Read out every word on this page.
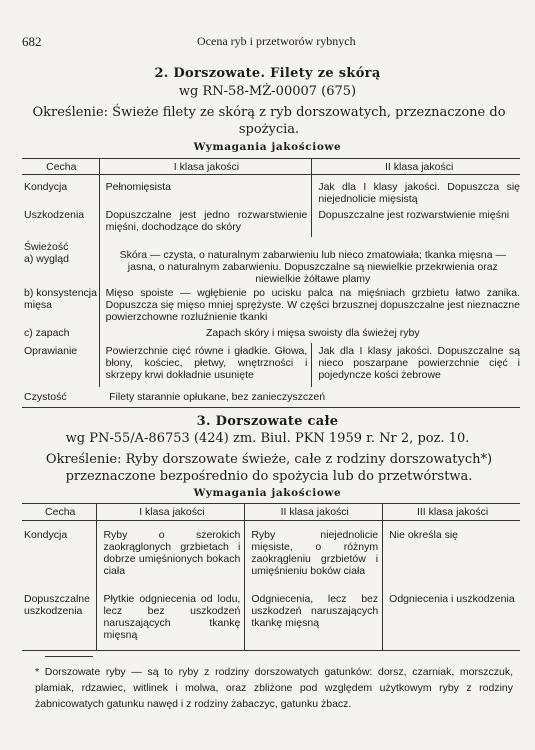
682	Ocena ryb i przetworów rybnych
2. Dorszowate. Filety ze skórą
wg RN-58-MŻ-00007 (675)
Określenie: Świeże filety ze skórą z ryb dorszowatych, przeznaczone do spożycia.
Wymagania jakościowe
Cecha	I klasa jakości	II klasa jakości
Kondycja	Pełnomięsista	Jak dla I klasy jakości. Dopuszcza się niejednolicie mięsistą
Uszkodzenia	Dopuszczalne jest jedno rozwarstwienie mięśni, dochodzące do skóry	Dopuszczalne jest rozwarstwienie mięśni
Świeżość
a) wygląd	Skóra — czysta, o naturalnym zabarwieniu lub nieco zmatowiała; tkanka mięsna — jasna, o naturalnym zabarwieniu. Dopuszczalne są niewielkie przekrwienia oraz niewielkie żółtawe plamy	
b) konsystencja mięsa	Mięso spoiste — wgłębienie po ucisku palca na mięśniach grzbietu łatwo zanika. Dopuszcza się mięso mniej sprężyste. W części brzusznej dopuszczalne jest nieznaczne powierzchowne rozluźnienie tkanki	
c) zapach	Zapach skóry i mięsa swoisty dla świeżej ryby	
Oprawianie	Powierzchnie cięć równe i gładkie. Głowa, błony, kościec, płetwy, wnętrzności i skrzepy krwi dokładnie usunięte	Jak dla I klasy jakości. Dopuszczalne są nieco poszarpane powierzchnie cięć i pojedyncze kości żebrowe
Czystość	Filety starannie opłukane, bez zanieczyszczeń	
3. Dorszowate całe
wg PN-55/A-86753 (424) zm. Biul. PKN 1959 r. Nr 2, poz. 10.
Określenie: Ryby dorszowate świeże, całe z rodziny dorszowatych*) przeznaczone bezpośrednio do spożycia lub do przetwórstwa.
Wymagania jakościowe
Cecha	I klasa jakości	II klasa jakości	III klasa jakości
Kondycja	Ryby o szerokich zaokrąglonych grzbietach i dobrze umięśnionych bokach ciała	Ryby niejednolicie mięsiste, o różnym zaokrągleniu grzbietów i umięśnieniu boków ciała	Nie określa się
Dopuszczalne uszkodzenia	Płytkie odgniecenia od lodu, lecz bez uszkodzeń naruszających tkankę mięsną	Odgniecenia, lecz bez uszkodzeń naruszających tkankę mięsną	Odgniecenia i uszkodzenia
* Dorszowate ryby — są to ryby z rodziny dorszowatych gatunków: dorsz, czarniak, morszczuk, plamiak, rdzawiec, witlinek i molwa, oraz zbliżone pod względem użytkowym ryby z rodziny żabnicowatych gatunku nawęd i z rodziny żabaczyc, gatunku żbacz.
